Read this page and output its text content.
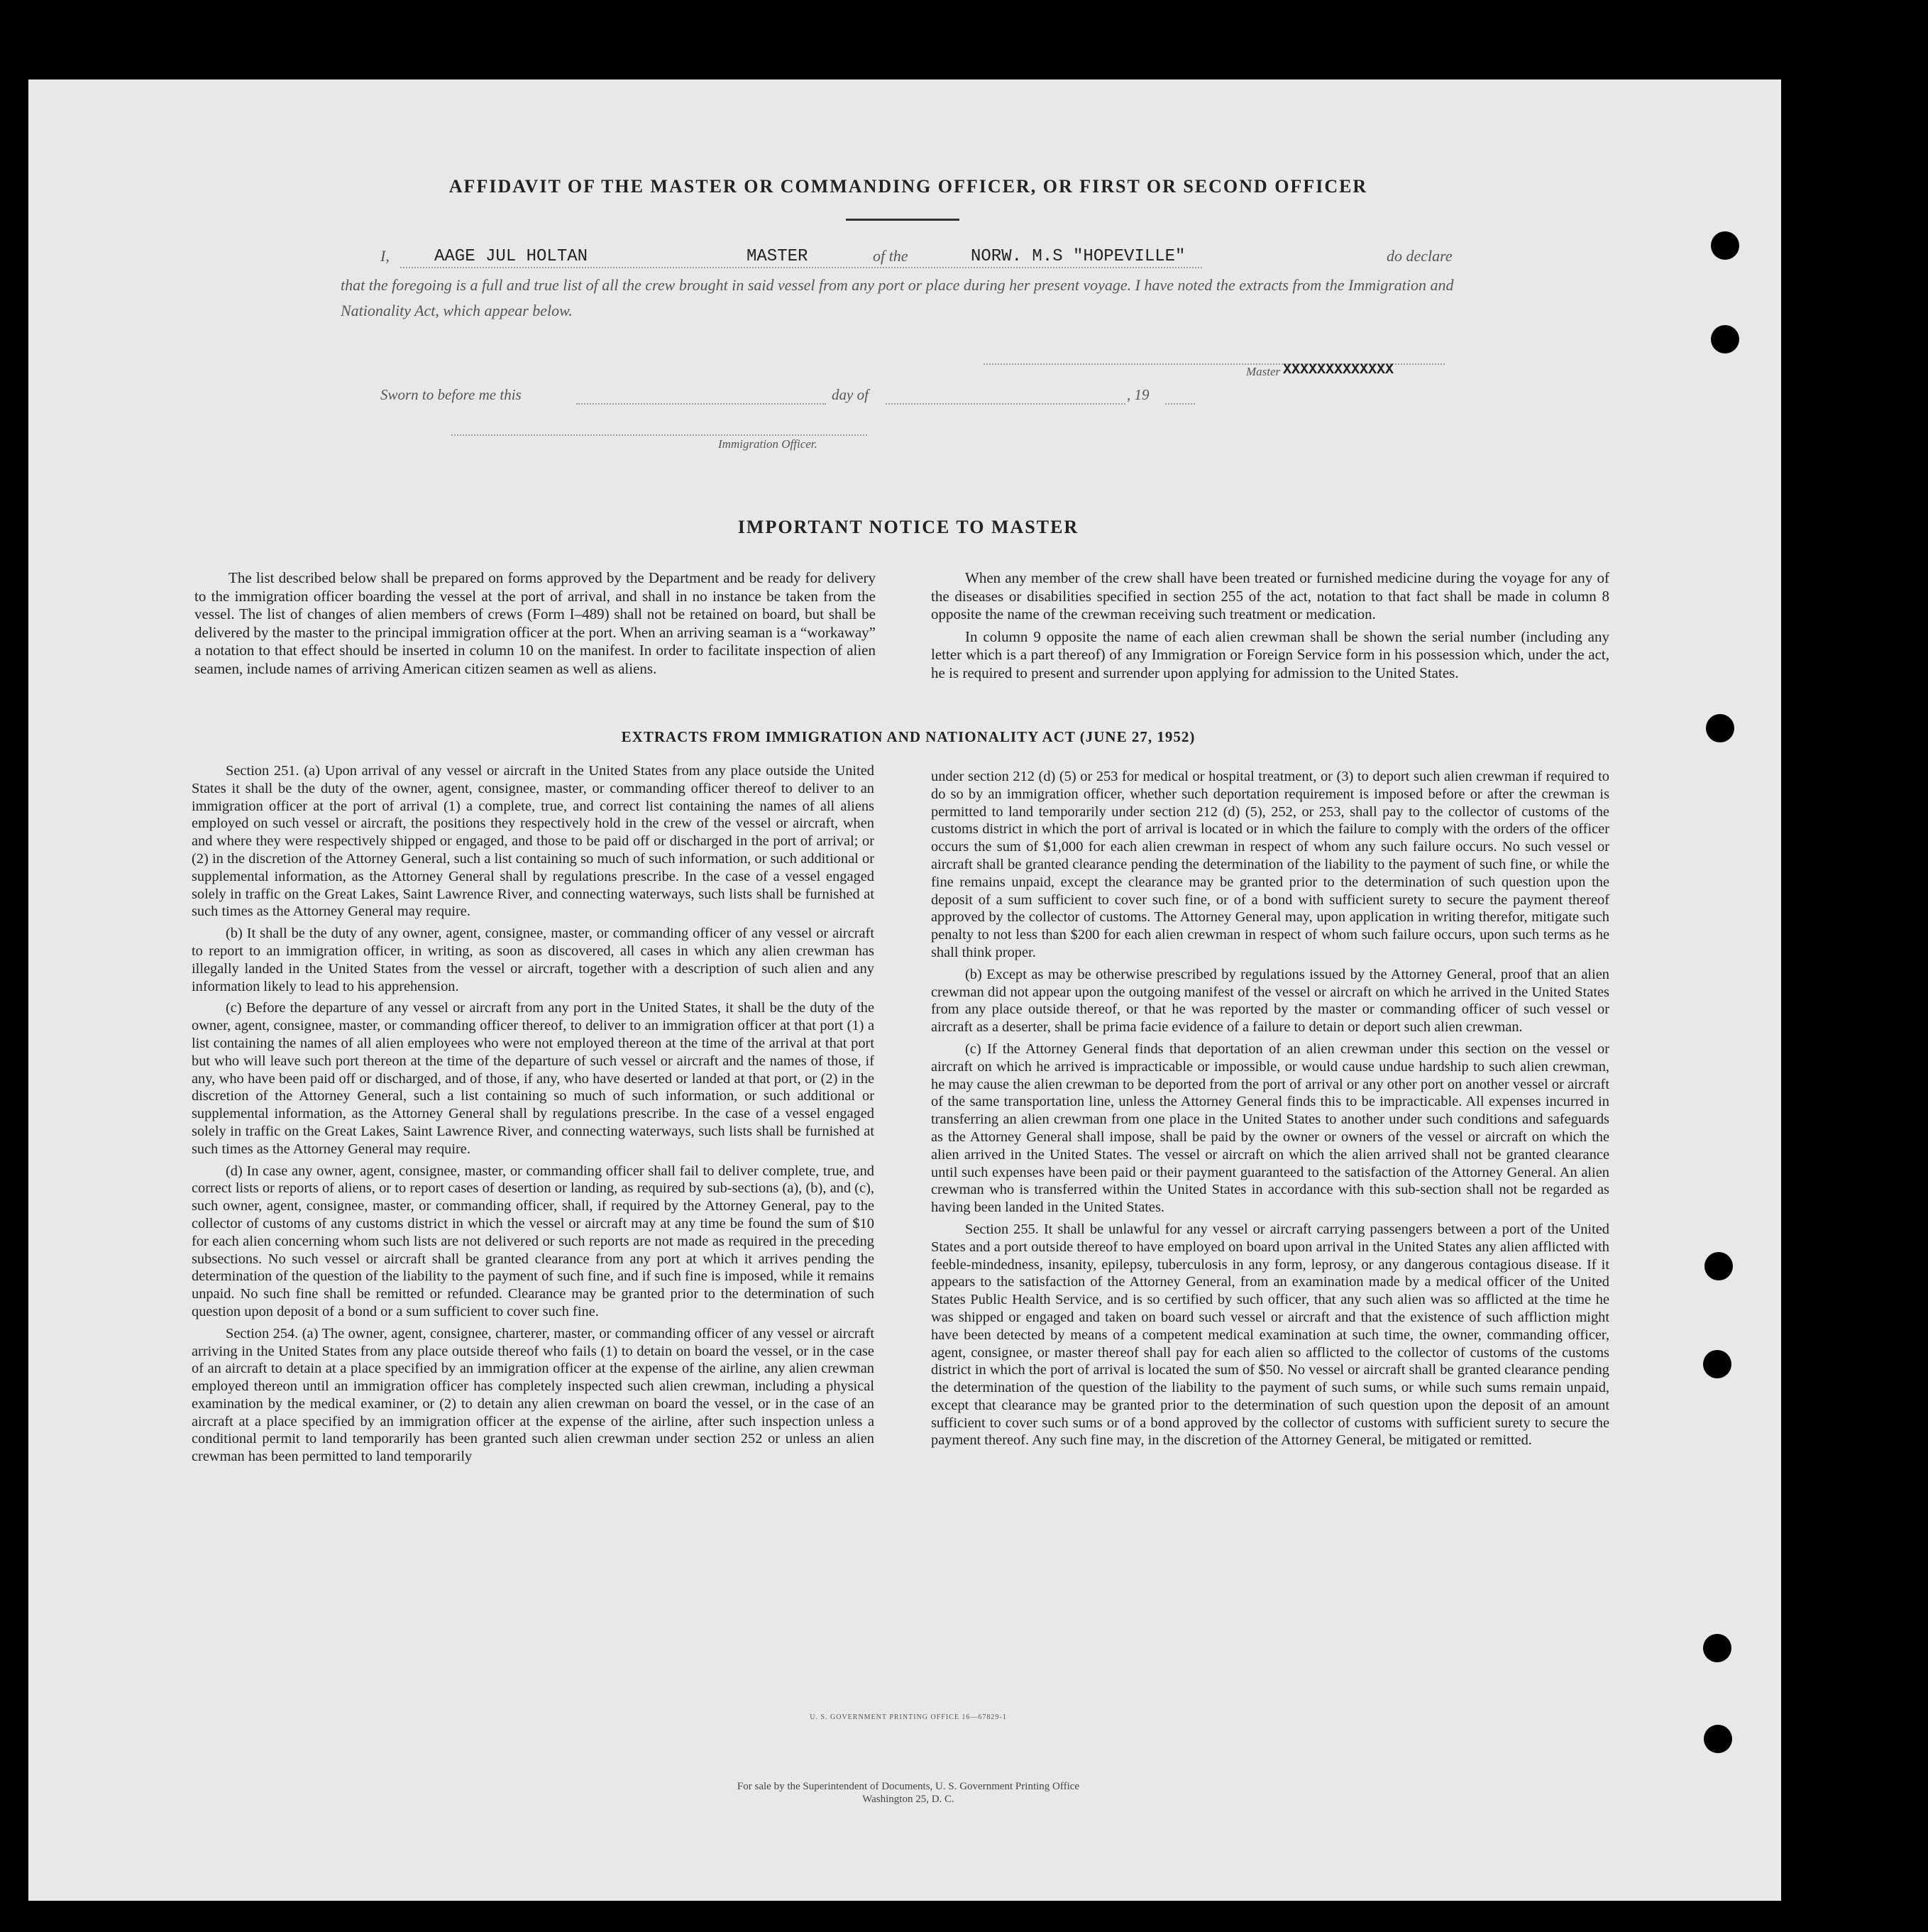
AFFIDAVIT OF THE MASTER OR COMMANDING OFFICER, OR FIRST OR SECOND OFFICER
I,	AAGE JUL HOLTAN	MASTER	of the	NORW. M.S "HOPEVILLE"	do declare
that the foregoing is a full and true list of all the crew brought in said vessel from any port or place during her present voyage. I have noted the extracts from the Immigration and Nationality Act, which appear below.
Master XXXXXXXXXXXXX
Sworn to before me this	day of	, 19
Immigration Officer.
IMPORTANT NOTICE TO MASTER

The list described below shall be prepared on forms approved by the Department and be ready for delivery to the immigration officer boarding the vessel at the port of arrival, and shall in no instance be taken from the vessel. The list of changes of alien members of crews (Form I–489) shall not be retained on board, but shall be delivered by the master to the principal immigration officer at the port. When an arriving seaman is a “workaway” a notation to that effect should be inserted in column 10 on the manifest. In order to facilitate inspection of alien seamen, include names of arriving American citizen seamen as well as aliens.

When any member of the crew shall have been treated or furnished medicine during the voyage for any of the diseases or disabilities specified in section 255 of the act, notation to that fact shall be made in column 8 opposite the name of the crewman receiving such treatment or medication.

In column 9 opposite the name of each alien crewman shall be shown the serial number (including any letter which is a part thereof) of any Immigration or Foreign Service form in his possession which, under the act, he is required to present and surrender upon applying for admission to the United States.

EXTRACTS FROM IMMIGRATION AND NATIONALITY ACT (JUNE 27, 1952)

Section 251. (a) Upon arrival of any vessel or aircraft in the United States from any place outside the United States it shall be the duty of the owner, agent, consignee, master, or commanding officer thereof to deliver to an immigration officer at the port of arrival (1) a complete, true, and correct list containing the names of all aliens employed on such vessel or aircraft, the positions they respectively hold in the crew of the vessel or aircraft, when and where they were respectively shipped or engaged, and those to be paid off or discharged in the port of arrival; or (2) in the discretion of the Attorney General, such a list containing so much of such information, or such additional or supplemental information, as the Attorney General shall by regulations prescribe. In the case of a vessel engaged solely in traffic on the Great Lakes, Saint Lawrence River, and connecting waterways, such lists shall be furnished at such times as the Attorney General may require.

(b) It shall be the duty of any owner, agent, consignee, master, or commanding officer of any vessel or aircraft to report to an immigration officer, in writing, as soon as discovered, all cases in which any alien crewman has illegally landed in the United States from the vessel or aircraft, together with a description of such alien and any information likely to lead to his apprehension.

(c) Before the departure of any vessel or aircraft from any port in the United States, it shall be the duty of the owner, agent, consignee, master, or commanding officer thereof, to deliver to an immigration officer at that port (1) a list containing the names of all alien employees who were not employed thereon at the time of the arrival at that port but who will leave such port thereon at the time of the departure of such vessel or aircraft and the names of those, if any, who have been paid off or discharged, and of those, if any, who have deserted or landed at that port, or (2) in the discretion of the Attorney General, such a list containing so much of such information, or such additional or supplemental information, as the Attorney General shall by regulations prescribe. In the case of a vessel engaged solely in traffic on the Great Lakes, Saint Lawrence River, and connecting waterways, such lists shall be furnished at such times as the Attorney General may require.

(d) In case any owner, agent, consignee, master, or commanding officer shall fail to deliver complete, true, and correct lists or reports of aliens, or to report cases of desertion or landing, as required by sub-sections (a), (b), and (c), such owner, agent, consignee, master, or commanding officer, shall, if required by the Attorney General, pay to the collector of customs of any customs district in which the vessel or aircraft may at any time be found the sum of $10 for each alien concerning whom such lists are not delivered or such reports are not made as required in the preceding subsections. No such vessel or aircraft shall be granted clearance from any port at which it arrives pending the determination of the question of the liability to the payment of such fine, and if such fine is imposed, while it remains unpaid. No such fine shall be remitted or refunded. Clearance may be granted prior to the determination of such question upon deposit of a bond or a sum sufficient to cover such fine.

Section 254. (a) The owner, agent, consignee, charterer, master, or commanding officer of any vessel or aircraft arriving in the United States from any place outside thereof who fails (1) to detain on board the vessel, or in the case of an aircraft to detain at a place specified by an immigration officer at the expense of the airline, any alien crewman employed thereon until an immigration officer has completely inspected such alien crewman, including a physical examination by the medical examiner, or (2) to detain any alien crewman on board the vessel, or in the case of an aircraft at a place specified by an immigration officer at the expense of the airline, after such inspection unless a conditional permit to land temporarily has been granted such alien crewman under section 252 or unless an alien crewman has been permitted to land temporarily

under section 212 (d) (5) or 253 for medical or hospital treatment, or (3) to deport such alien crewman if required to do so by an immigration officer, whether such deportation requirement is imposed before or after the crewman is permitted to land temporarily under section 212 (d) (5), 252, or 253, shall pay to the collector of customs of the customs district in which the port of arrival is located or in which the failure to comply with the orders of the officer occurs the sum of $1,000 for each alien crewman in respect of whom any such failure occurs. No such vessel or aircraft shall be granted clearance pending the determination of the liability to the payment of such fine, or while the fine remains unpaid, except the clearance may be granted prior to the determination of such question upon the deposit of a sum sufficient to cover such fine, or of a bond with sufficient surety to secure the payment thereof approved by the collector of customs. The Attorney General may, upon application in writing therefor, mitigate such penalty to not less than $200 for each alien crewman in respect of whom such failure occurs, upon such terms as he shall think proper.

(b) Except as may be otherwise prescribed by regulations issued by the Attorney General, proof that an alien crewman did not appear upon the outgoing manifest of the vessel or aircraft on which he arrived in the United States from any place outside thereof, or that he was reported by the master or commanding officer of such vessel or aircraft as a deserter, shall be prima facie evidence of a failure to detain or deport such alien crewman.

(c) If the Attorney General finds that deportation of an alien crewman under this section on the vessel or aircraft on which he arrived is impracticable or impossible, or would cause undue hardship to such alien crewman, he may cause the alien crewman to be deported from the port of arrival or any other port on another vessel or aircraft of the same transportation line, unless the Attorney General finds this to be impracticable. All expenses incurred in transferring an alien crewman from one place in the United States to another under such conditions and safeguards as the Attorney General shall impose, shall be paid by the owner or owners of the vessel or aircraft on which the alien arrived in the United States. The vessel or aircraft on which the alien arrived shall not be granted clearance until such expenses have been paid or their payment guaranteed to the satisfaction of the Attorney General. An alien crewman who is transferred within the United States in accordance with this sub-section shall not be regarded as having been landed in the United States.

Section 255. It shall be unlawful for any vessel or aircraft carrying passengers between a port of the United States and a port outside thereof to have employed on board upon arrival in the United States any alien afflicted with feeble-mindedness, insanity, epilepsy, tuberculosis in any form, leprosy, or any dangerous contagious disease. If it appears to the satisfaction of the Attorney General, from an examination made by a medical officer of the United States Public Health Service, and is so certified by such officer, that any such alien was so afflicted at the time he was shipped or engaged and taken on board such vessel or aircraft and that the existence of such affliction might have been detected by means of a competent medical examination at such time, the owner, commanding officer, agent, consignee, or master thereof shall pay for each alien so afflicted to the collector of customs of the customs district in which the port of arrival is located the sum of $50. No vessel or aircraft shall be granted clearance pending the determination of the question of the liability to the payment of such sums, or while such sums remain unpaid, except that clearance may be granted prior to the determination of such question upon the deposit of an amount sufficient to cover such sums or of a bond approved by the collector of customs with sufficient surety to secure the payment thereof. Any such fine may, in the discretion of the Attorney General, be mitigated or remitted.

U. S. GOVERNMENT PRINTING OFFICE 16—67829-1
For sale by the Superintendent of Documents, U. S. Government Printing Office
Washington 25, D. C.
